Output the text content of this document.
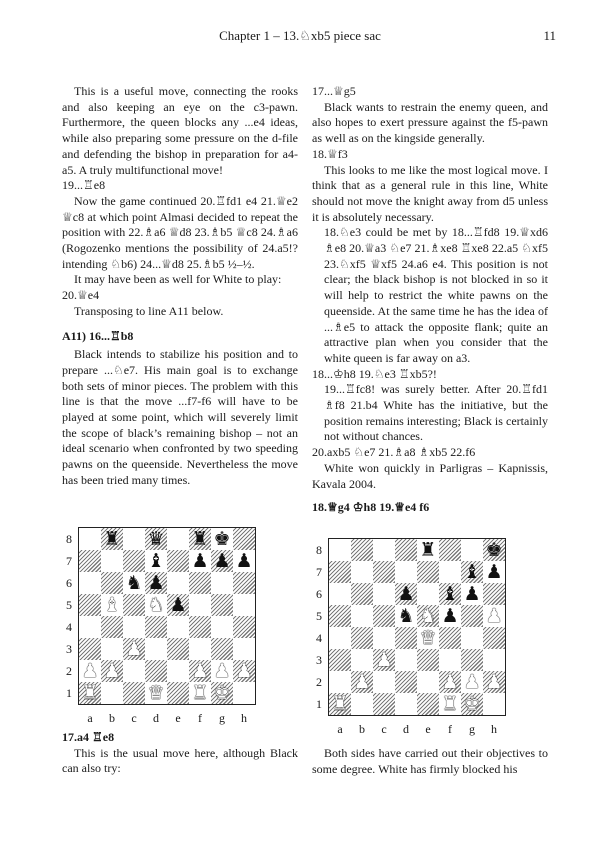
Chapter 1 – 13.♘xb5 piece sac	11
This is a useful move, connecting the rooks and also keeping an eye on the c3-pawn. Furthermore, the queen blocks any ...e4 ideas, while also preparing some pressure on the d-file and defending the bishop in preparation for a4-a5. A truly multifunctional move!
19...♖e8
Now the game continued 20.♖fd1 e4 21.♕e2 ♕c8 at which point Almasi decided to repeat the position with 22.♗a6 ♕d8 23.♗b5 ♕c8 24.♗a6 (Rogozenko mentions the possibility of 24.a5!? intending ♘b6) 24...♕d8 25.♗b5 ½–½.
It may have been as well for White to play:
20.♕e4
Transposing to line A11 below.
A11) 16...♖b8
Black intends to stabilize his position and to prepare ...♘e7. His main goal is to exchange both sets of minor pieces. The problem with this line is that the move ...f7-f6 will have to be played at some point, which will severely limit the scope of black’s remaining bishop – not an ideal scenario when confronted by two speeding pawns on the queenside. Nevertheless the move has been tried many times.
17...♕g5
Black wants to restrain the enemy queen, and also hopes to exert pressure against the f5-pawn as well as on the kingside generally.
18.♕f3
This looks to me like the most logical move. I think that as a general rule in this line, White should not move the knight away from d5 unless it is absolutely necessary.
18.♘e3 could be met by 18...♖fd8 19.♕xd6 ♗e8 20.♕a3 ♘e7 21.♗xe8 ♖xe8 22.a5 ♘xf5 23.♘xf5 ♕xf5 24.a6 e4. This position is not clear; the black bishop is not blocked in so it will help to restrict the white pawns on the queenside. At the same time he has the idea of ...♗e5 to attack the opposite flank; quite an attractive plan when you consider that the white queen is far away on a3.
18...♔h8 19.♘e3 ♖xb5?!
19...♖fc8! was surely better. After 20.♖fd1 ♗f8 21.b4 White has the initiative, but the position remains interesting; Black is certainly not without chances.
20.axb5 ♘e7 21.♗a8 ♗xb5 22.f6
White won quickly in Parligras – Kapnissis, Kavala 2004.
18.♕g4 ♔h8 19.♕e4 f6
♜ ♛ ♜ ♚
♝ ♟ ♟ ♟
♞ ♟
♝ ♞ ♟
♟
♟ ♟	♟ ♟ ♟
♜	♛ ♜ ♚
8
7
6
5
4
3
2
1
a	b	c	d	e	f	g	h
♜	♚
♝ ♟
♟ ♝ ♟
♞ ♞ ♟ ♟
♛
♟
♟	♟ ♟ ♟
♜	♜ ♚
8
7
6
5
4
3
2
1
a	b	c	d	e	f	g	h
17.a4 ♖e8
This is the usual move here, although Black can also try:
Both sides have carried out their objectives to some degree. White has firmly blocked his
